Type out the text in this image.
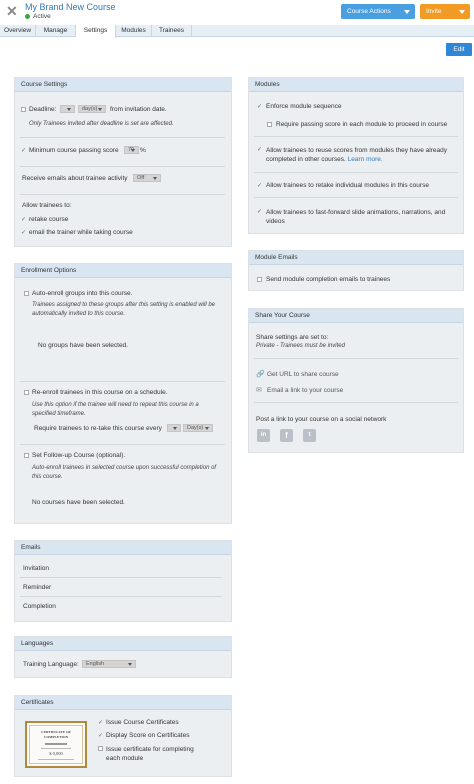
✕ My Brand New Course
Active
Course Actions	Invite
Overview	Manage	Settings	Modules	Trainees
Edit
Course Settings
Deadline:	day(s)	from invitation date.
Only Trainees invited after deadline is set are affected.
✓ Minimum course passing score	70 %
Receive emails about trainee activity	Off
Allow trainees to:
✓ retake course
✓ email the trainer while taking course
Enrollment Options
Auto-enroll groups into this course.
Trainees assigned to these groups after this setting is enabled will be automatically invited to this course.
No groups have been selected.
Re-enroll trainees in this course on a schedule.
Use this option if the trainee will need to repeat this course in a specified timeframe.
Require trainees to re-take this course every	Day(s)
Set Follow-up Course (optional).
Auto-enroll trainees in selected course upon successful completion of this course.
No courses have been selected.
Emails
Invitation
Reminder
Completion
Languages
Training Language:	English
Certificates
CERTIFICATE OF COMPLETION
$ 0,000
✓ Issue Course Certificates
✓ Display Score on Certificates
Issue certificate for completing each module
Modules
✓ Enforce module sequence
Require passing score in each module to proceed in course
✓ Allow trainees to reuse scores from modules they have already completed in other courses. Learn more.
✓ Allow trainees to retake individual modules in this course
✓ Allow trainees to fast-forward slide animations, narrations, and videos
Module Emails
Send module completion emails to trainees
Share Your Course
Share settings are set to:
Private - Trainees must be invited
🔗 Get URL to share course
✉ Email a link to your course
Post a link to your course on a social network
in	f	t
